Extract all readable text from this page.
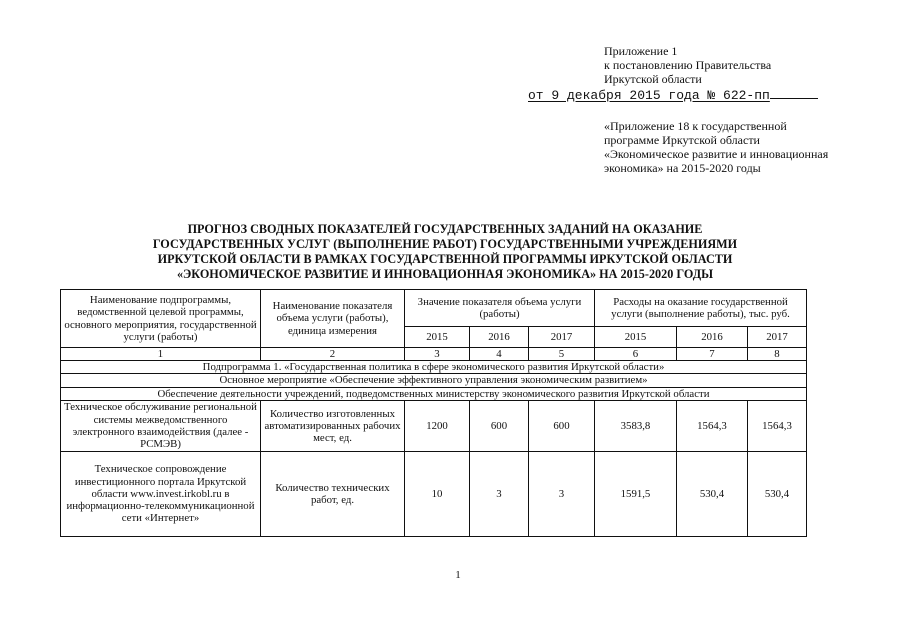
Приложение 1
к постановлению Правительства
Иркутской области
от 9 декабря 2015 года № 622-пп
«Приложение 18 к государственной программе Иркутской области «Экономическое развитие и инновационная экономика» на 2015-2020 годы
ПРОГНОЗ СВОДНЫХ ПОКАЗАТЕЛЕЙ ГОСУДАРСТВЕННЫХ ЗАДАНИЙ НА ОКАЗАНИЕ
ГОСУДАРСТВЕННЫХ УСЛУГ (ВЫПОЛНЕНИЕ РАБОТ) ГОСУДАРСТВЕННЫМИ УЧРЕЖДЕНИЯМИ
ИРКУТСКОЙ ОБЛАСТИ В РАМКАХ ГОСУДАРСТВЕННОЙ ПРОГРАММЫ ИРКУТСКОЙ ОБЛАСТИ
«ЭКОНОМИЧЕСКОЕ РАЗВИТИЕ И ИННОВАЦИОННАЯ ЭКОНОМИКА» НА 2015-2020 ГОДЫ
Наименование подпрограммы, ведомственной целевой программы, основного мероприятия, государственной услуги (работы)	Наименование показателя объема услуги (работы), единица измерения	Значение показателя объема услуги (работы)			Расходы на оказание государственной услуги (выполнение работы), тыс. руб.		
		2015	2016	2017	2015	2016	2017
1	2	3	4	5	6	7	8
Подпрограмма 1. «Государственная политика в сфере экономического развития Иркутской области»							
Основное мероприятие «Обеспечение эффективного управления экономическим развитием»							
Обеспечение деятельности учреждений, подведомственных министерству экономического развития Иркутской области							
Техническое обслуживание региональной системы межведомственного электронного взаимодействия (далее - РСМЭВ)	Количество изготовленных автоматизированных рабочих мест, ед.	1200	600	600	3583,8	1564,3	1564,3
Техническое сопровождение инвестиционного портала Иркутской области www.invest.irkobl.ru в информационно-телекоммуникационной сети «Интернет»	Количество технических работ, ед.	10	3	3	1591,5	530,4	530,4
1
